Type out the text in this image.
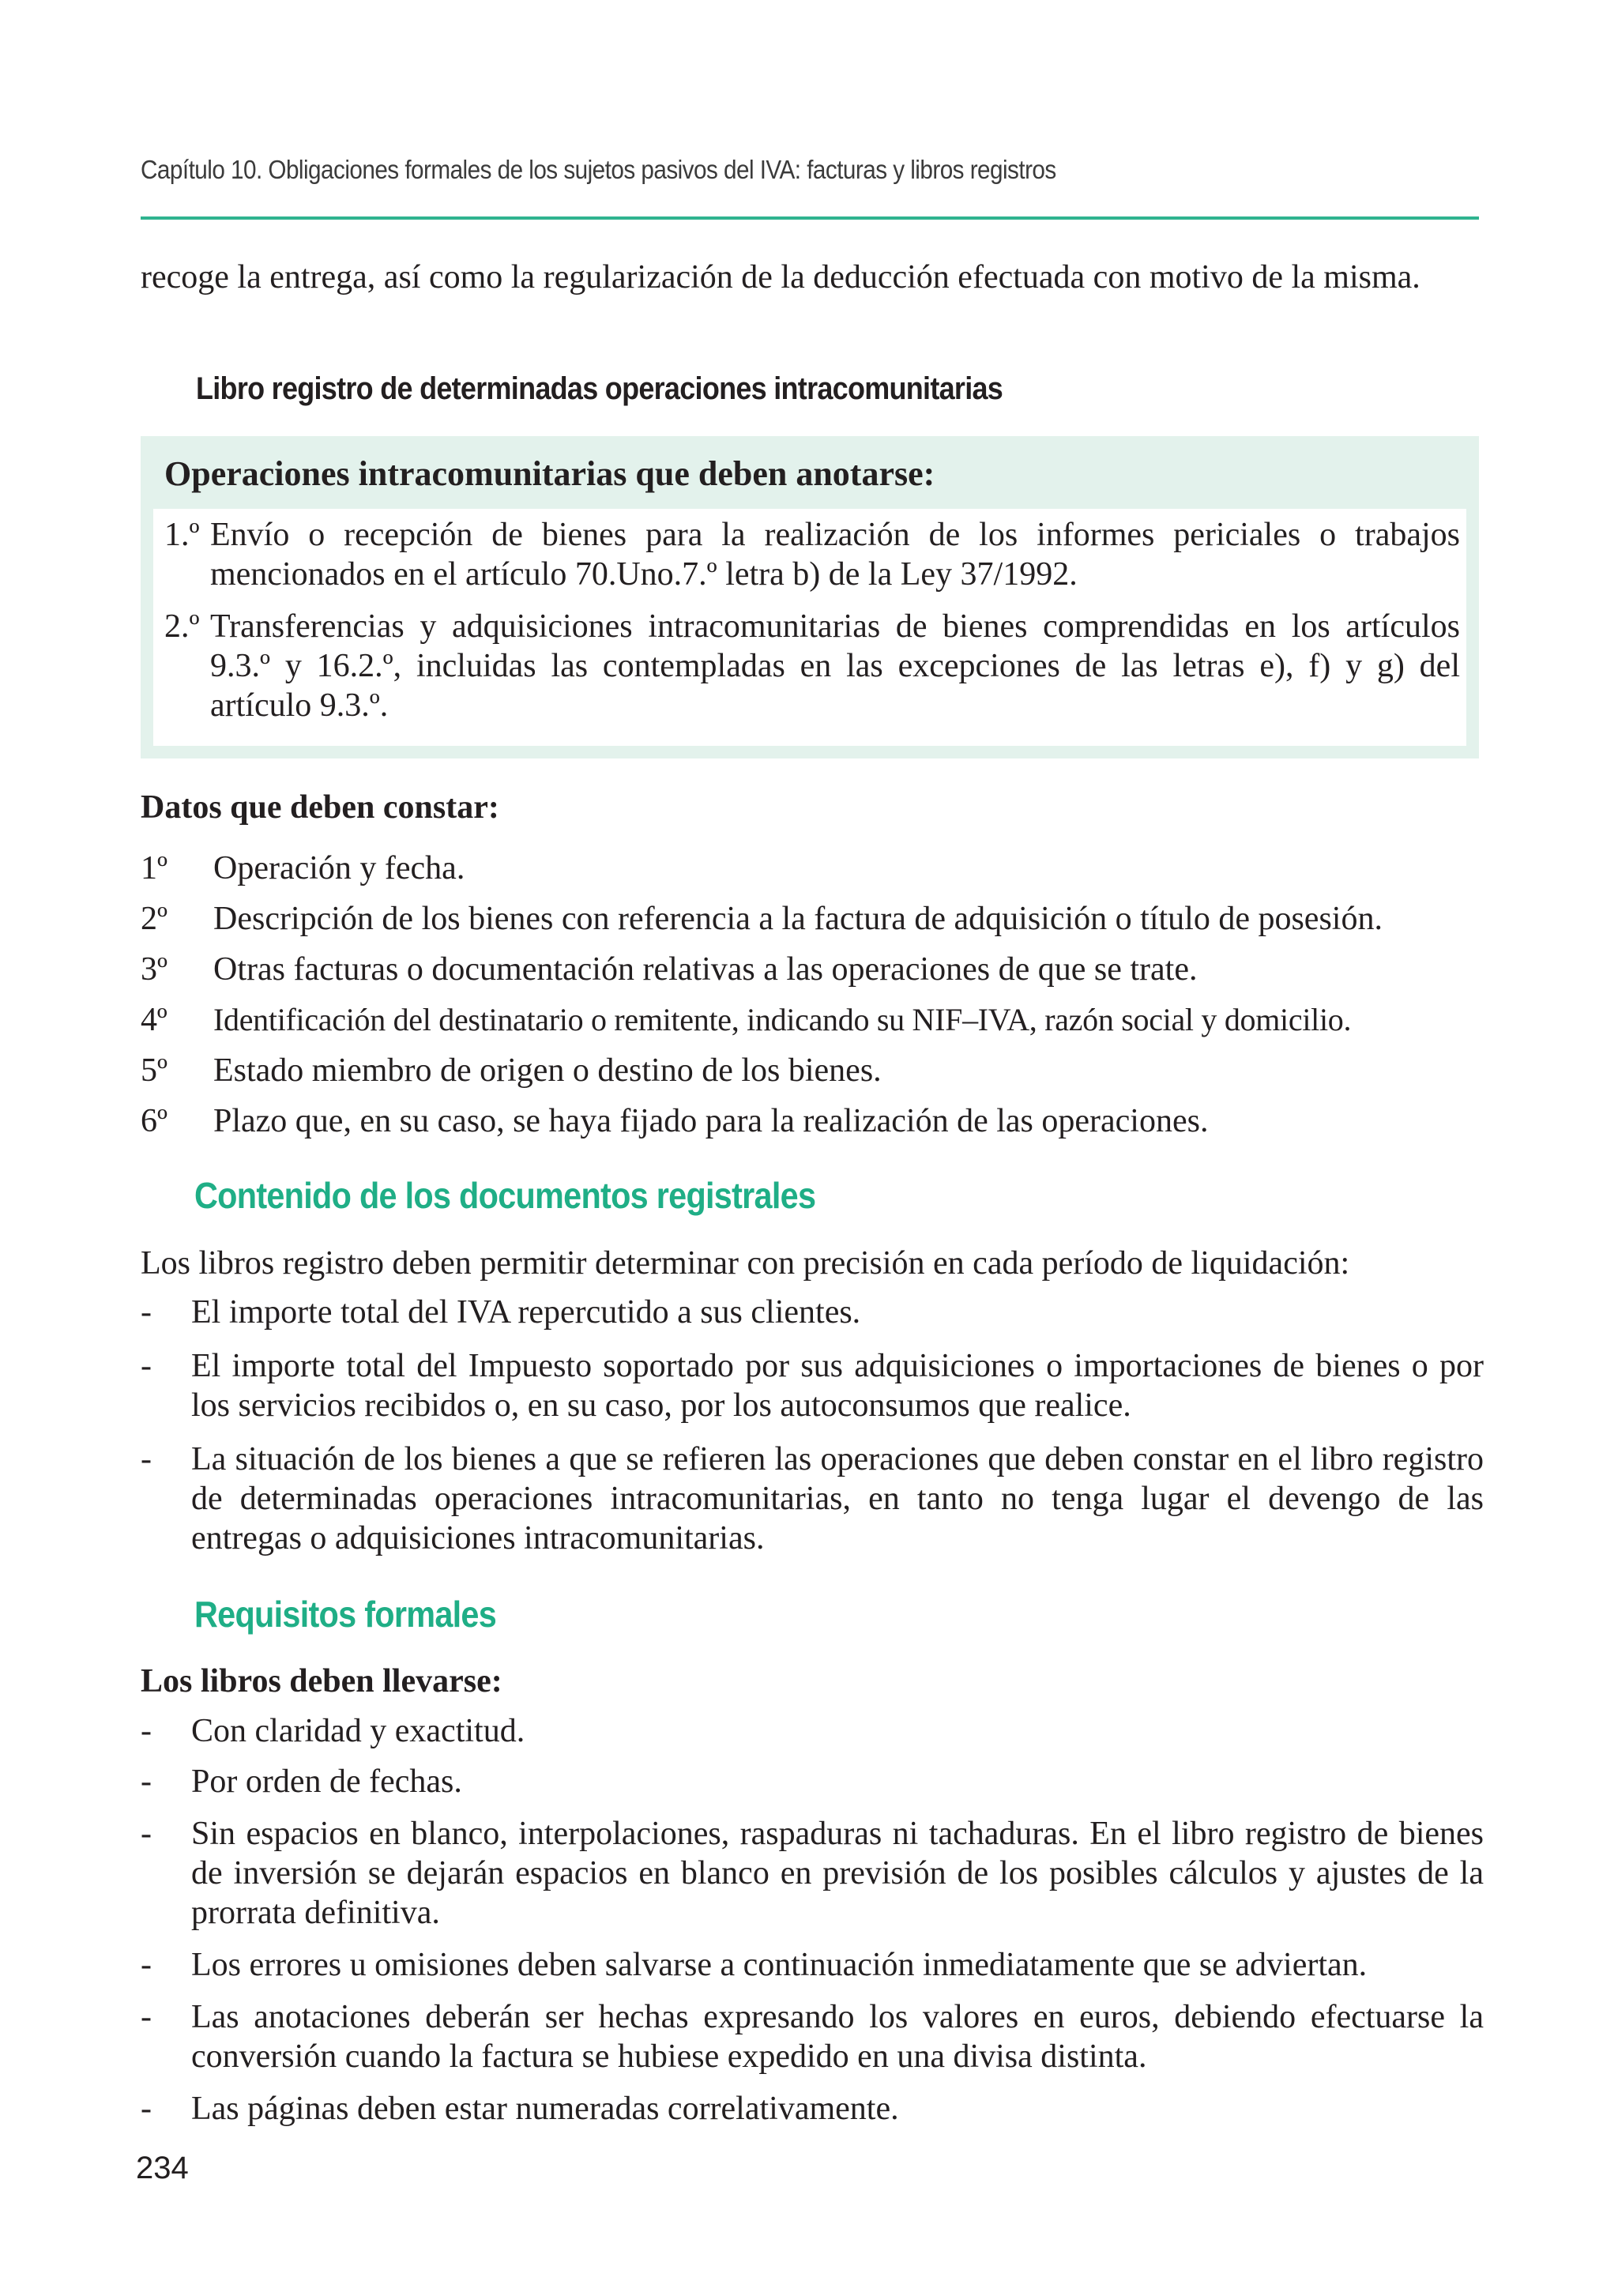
Capítulo 10. Obligaciones formales de los sujetos pasivos del IVA: facturas y libros registros

recoge la entrega, así como la regularización de la deducción efectuada con motivo de la misma.

Libro registro de determinadas operaciones intracomunitarias
Operaciones intracomunitarias que deben anotarse:
1.º Envío o recepción de bienes para la realización de los informes periciales o trabajos mencionados en el artículo 70.Uno.7.º letra b) de la Ley 37/1992.
2.º Transferencias y adquisiciones intracomunitarias de bienes comprendidas en los artículos 9.3.º y 16.2.º, incluidas las contempladas en las excepciones de las letras e), f) y g) del artículo 9.3.º.

Datos que deben constar:

1º Operación y fecha.
2º Descripción de los bienes con referencia a la factura de adquisición o título de posesión.
3º Otras facturas o documentación relativas a las operaciones de que se trate.
4º Identificación del destinatario o remitente, indicando su NIF–IVA, razón social y domicilio.
5º Estado miembro de origen o destino de los bienes.
6º Plazo que, en su caso, se haya fijado para la realización de las operaciones.
Contenido de los documentos registrales

Los libros registro deben permitir determinar con precisión en cada período de liquidación:

- El importe total del IVA repercutido a sus clientes.
- El importe total del Impuesto soportado por sus adquisiciones o importaciones de bienes o por los servicios recibidos o, en su caso, por los autoconsumos que realice.
- La situación de los bienes a que se refieren las operaciones que deben constar en el libro registro de determinadas operaciones intracomunitarias, en tanto no tenga lugar el devengo de las entregas o adquisiciones intracomunitarias.
Requisitos formales

Los libros deben llevarse:

- Con claridad y exactitud.
- Por orden de fechas.
- Sin espacios en blanco, interpolaciones, raspaduras ni tachaduras. En el libro registro de bienes de inversión se dejarán espacios en blanco en previsión de los posibles cálculos y ajustes de la prorrata definitiva.
- Los errores u omisiones deben salvarse a continuación inmediatamente que se adviertan.
- Las anotaciones deberán ser hechas expresando los valores en euros, debiendo efectuarse la conversión cuando la factura se hubiese expedido en una divisa distinta.
- Las páginas deben estar numeradas correlativamente.
234
